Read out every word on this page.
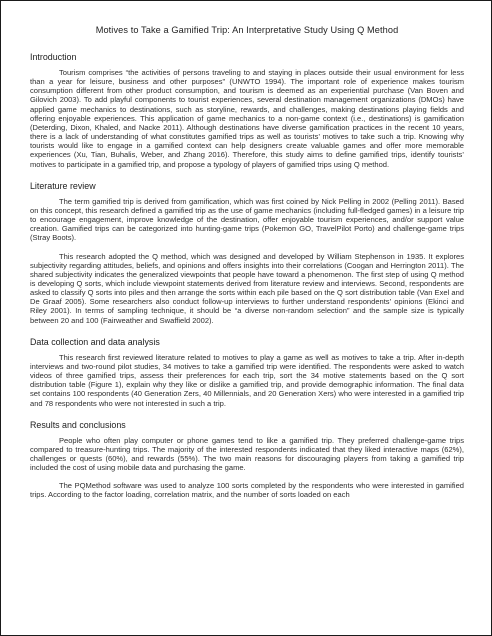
Motives to Take a Gamified Trip: An Interpretative Study Using Q Method
Introduction

Tourism comprises “the activities of persons traveling to and staying in places outside their usual environment for less than a year for leisure, business and other purposes” (UNWTO 1994). The important role of experience makes tourism consumption different from other product consumption, and tourism is deemed as an experiential purchase (Van Boven and Gilovich 2003). To add playful components to tourist experiences, several destination management organizations (DMOs) have applied game mechanics to destinations, such as storyline, rewards, and challenges, making destinations playing fields and offering enjoyable experiences. This application of game mechanics to a non-game context (i.e., destinations) is gamification (Deterding, Dixon, Khaled, and Nacke 2011). Although destinations have diverse gamification practices in the recent 10 years, there is a lack of understanding of what constitutes gamified trips as well as tourists’ motives to take such a trip. Knowing why tourists would like to engage in a gamified context can help designers create valuable games and offer more memorable experiences (Xu, Tian, Buhalis, Weber, and Zhang 2016). Therefore, this study aims to define gamified trips, identify tourists’ motives to participate in a gamified trip, and propose a typology of players of gamified trips using Q method.

Literature review

The term gamified trip is derived from gamification, which was first coined by Nick Pelling in 2002 (Pelling 2011). Based on this concept, this research defined a gamified trip as the use of game mechanics (including full-fledged games) in a leisure trip to encourage engagement, improve knowledge of the destination, offer enjoyable tourism experiences, and/or support value creation. Gamified trips can be categorized into hunting-game trips (Pokemon GO, TravelPilot Porto) and challenge-game trips (Stray Boots).

This research adopted the Q method, which was designed and developed by William Stephenson in 1935. It explores subjectivity regarding attitudes, beliefs, and opinions and offers insights into their correlations (Coogan and Herrington 2011). The shared subjectivity indicates the generalized viewpoints that people have toward a phenomenon. The first step of using Q method is developing Q sorts, which include viewpoint statements derived from literature review and interviews. Second, respondents are asked to classify Q sorts into piles and then arrange the sorts within each pile based on the Q sort distribution table (Van Exel and De Graaf 2005). Some researchers also conduct follow-up interviews to further understand respondents’ opinions (Ekinci and Riley 2001). In terms of sampling technique, it should be “a diverse non-random selection” and the sample size is typically between 20 and 100 (Fairweather and Swaffield 2002).

Data collection and data analysis

This research first reviewed literature related to motives to play a game as well as motives to take a trip. After in-depth interviews and two-round pilot studies, 34 motives to take a gamified trip were identified. The respondents were asked to watch videos of three gamified trips, assess their preferences for each trip, sort the 34 motive statements based on the Q sort distribution table (Figure 1), explain why they like or dislike a gamified trip, and provide demographic information. The final data set contains 100 respondents (40 Generation Zers, 40 Millennials, and 20 Generation Xers) who were interested in a gamified trip and 78 respondents who were not interested in such a trip.

Results and conclusions

People who often play computer or phone games tend to like a gamified trip. They preferred challenge-game trips compared to treasure-hunting trips. The majority of the interested respondents indicated that they liked interactive maps (62%), challenges or quests (60%), and rewards (55%). The two main reasons for discouraging players from taking a gamified trip included the cost of using mobile data and purchasing the game.

The PQMethod software was used to analyze 100 sorts completed by the respondents who were interested in gamified trips. According to the factor loading, correlation matrix, and the number of sorts loaded on each
